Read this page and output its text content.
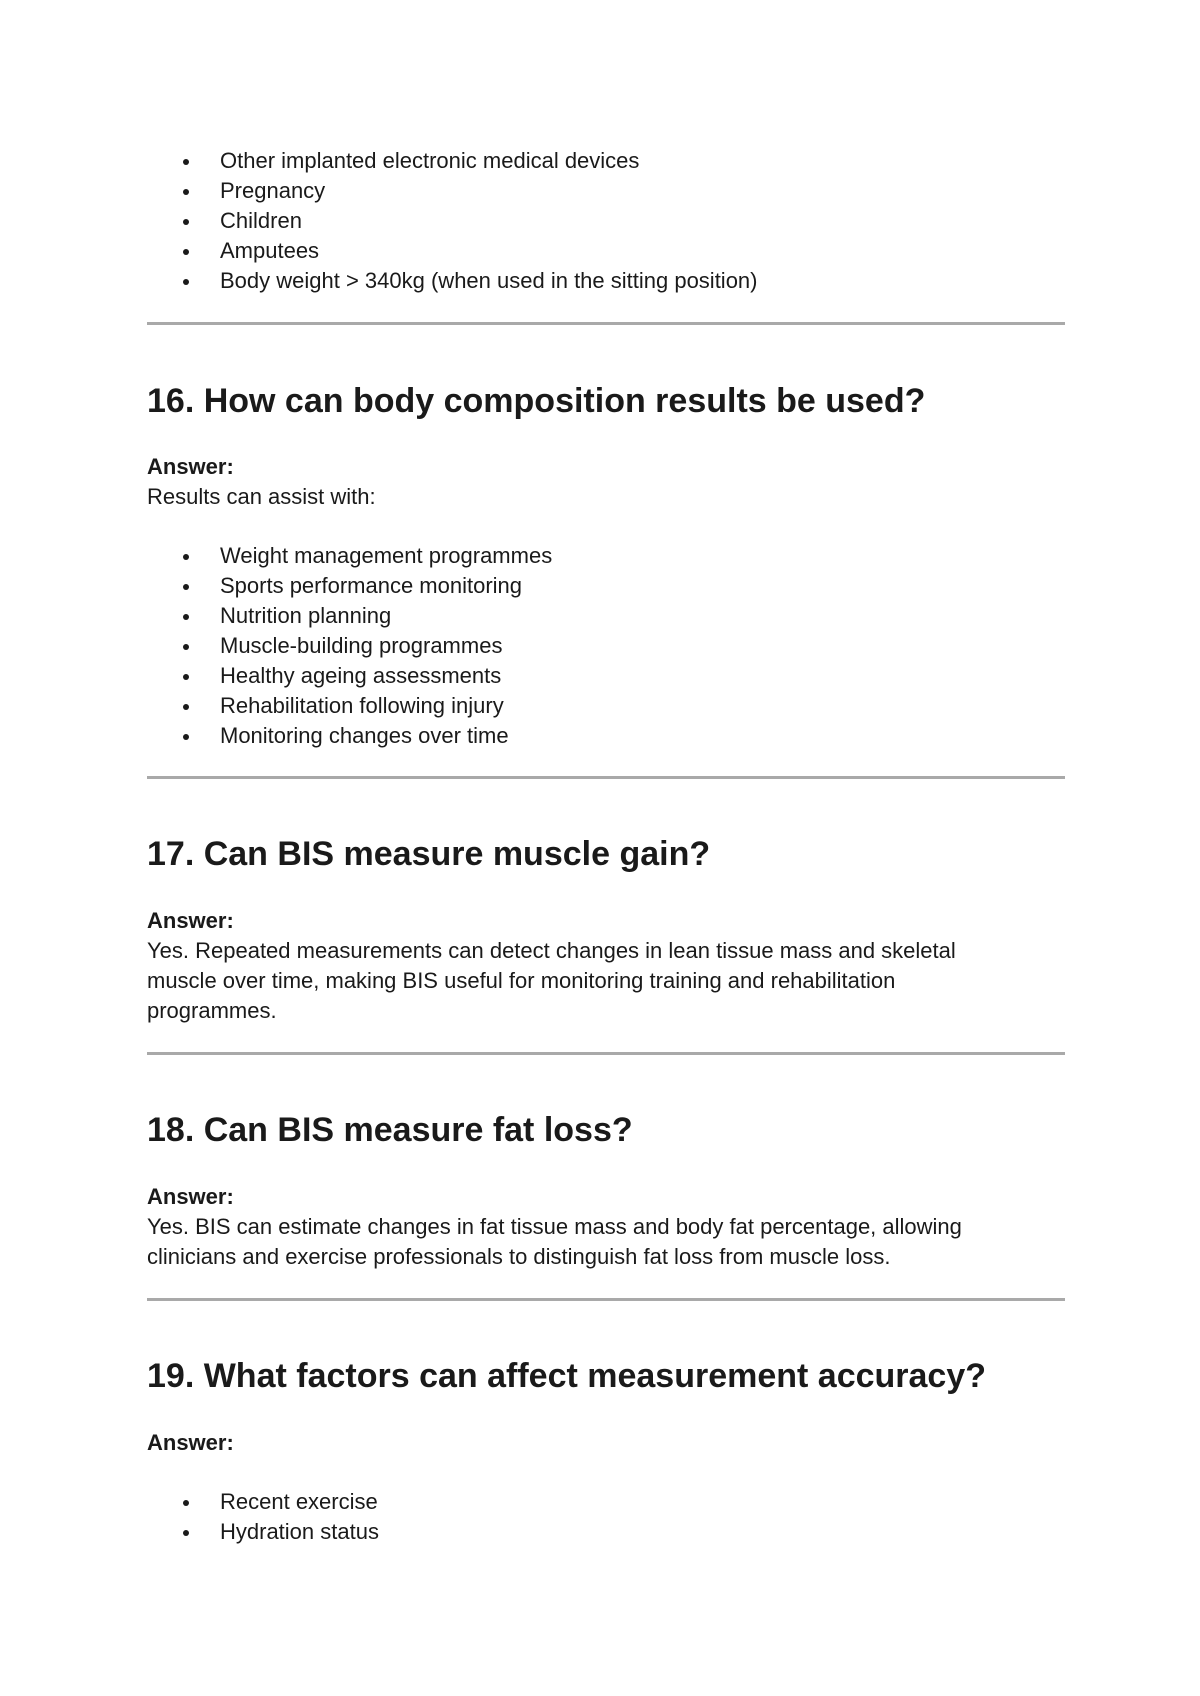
Other implanted electronic medical devices
Pregnancy
Children
Amputees
Body weight > 340kg (when used in the sitting position)
16. How can body composition results be used?
Answer:
Results can assist with:
Weight management programmes
Sports performance monitoring
Nutrition planning
Muscle-building programmes
Healthy ageing assessments
Rehabilitation following injury
Monitoring changes over time
17. Can BIS measure muscle gain?
Answer:
Yes. Repeated measurements can detect changes in lean tissue mass and skeletal
muscle over time, making BIS useful for monitoring training and rehabilitation
programmes.
18. Can BIS measure fat loss?
Answer:
Yes. BIS can estimate changes in fat tissue mass and body fat percentage, allowing
clinicians and exercise professionals to distinguish fat loss from muscle loss.
19. What factors can affect measurement accuracy?
Answer:
Recent exercise
Hydration status
